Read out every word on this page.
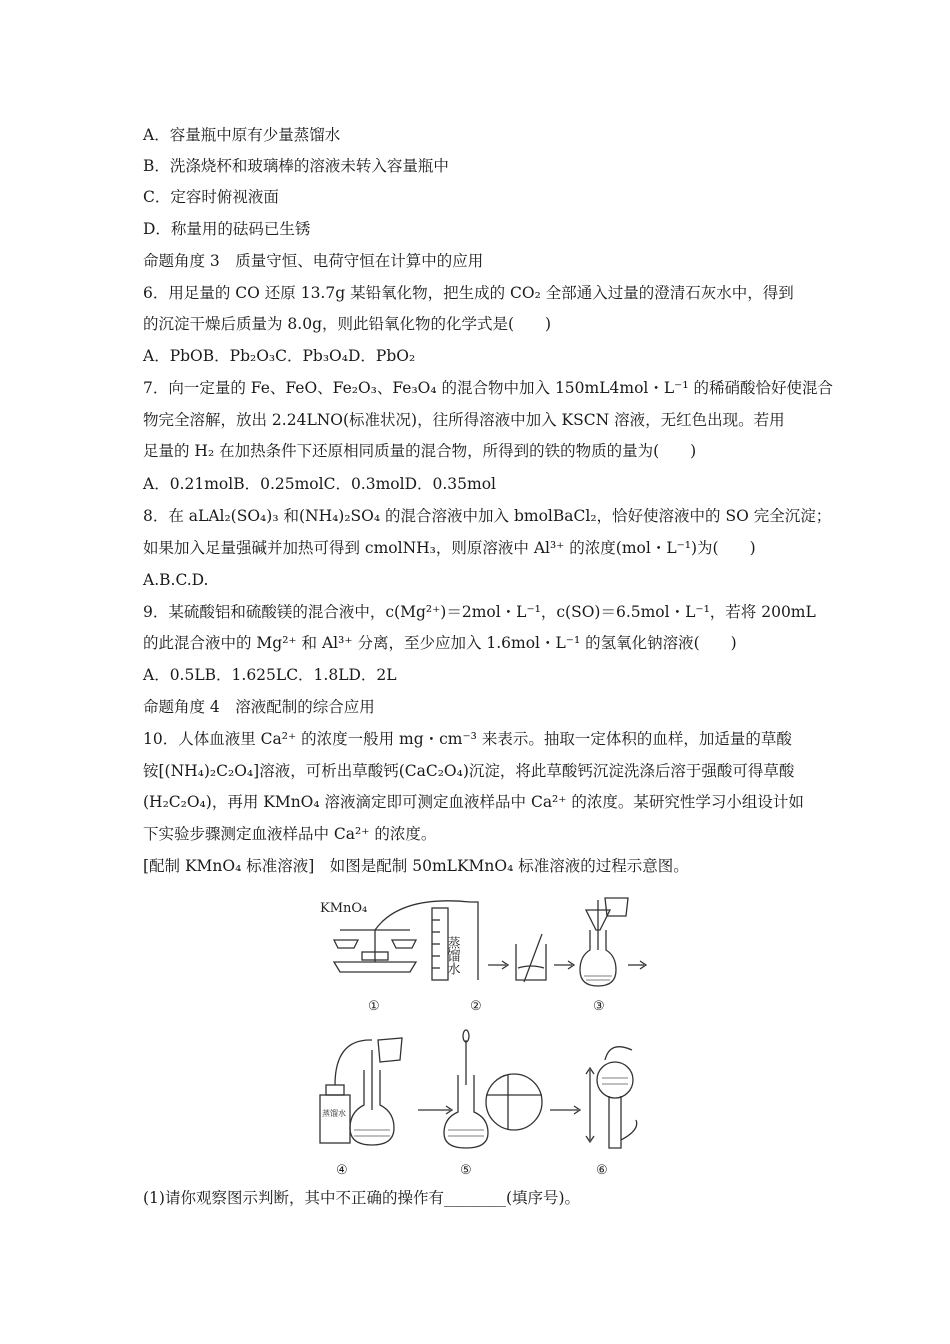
A．容量瓶中原有少量蒸馏水
B．洗涤烧杯和玻璃棒的溶液未转入容量瓶中
C．定容时俯视液面
D．称量用的砝码已生锈
命题角度 3　质量守恒、电荷守恒在计算中的应用
6．用足量的 CO 还原 13.7g 某铅氧化物，把生成的 CO₂ 全部通入过量的澄清石灰水中，得到
的沉淀干燥后质量为 8.0g，则此铅氧化物的化学式是(　　)
A．PbOB．Pb₂O₃C．Pb₃O₄D．PbO₂
7．向一定量的 Fe、FeO、Fe₂O₃、Fe₃O₄ 的混合物中加入 150mL4mol・L⁻¹ 的稀硝酸恰好使混合
物完全溶解，放出 2.24LNO(标准状况)，往所得溶液中加入 KSCN 溶液，无红色出现。若用
足量的 H₂ 在加热条件下还原相同质量的混合物，所得到的铁的物质的量为(　　)
A．0.21molB．0.25molC．0.3molD．0.35mol
8．在 aLAl₂(SO₄)₃ 和(NH₄)₂SO₄ 的混合溶液中加入 bmolBaCl₂，恰好使溶液中的 SO 完全沉淀；
如果加入足量强碱并加热可得到 cmolNH₃，则原溶液中 Al³⁺ 的浓度(mol・L⁻¹)为(　　)
A.B.C.D.
9．某硫酸铝和硫酸镁的混合液中，c(Mg²⁺)＝2mol・L⁻¹，c(SO)＝6.5mol・L⁻¹，若将 200mL
的此混合液中的 Mg²⁺ 和 Al³⁺ 分离，至少应加入 1.6mol・L⁻¹ 的氢氧化钠溶液(　　)
A．0.5LB．1.625LC．1.8LD．2L
命题角度 4　溶液配制的综合应用
10．人体血液里 Ca²⁺ 的浓度一般用 mg・cm⁻³ 来表示。抽取一定体积的血样，加适量的草酸
铵[(NH₄)₂C₂O₄]溶液，可析出草酸钙(CaC₂O₄)沉淀，将此草酸钙沉淀洗涤后溶于强酸可得草酸
(H₂C₂O₄)，再用 KMnO₄ 溶液滴定即可测定血液样品中 Ca²⁺ 的浓度。某研究性学习小组设计如
下实验步骤测定血液样品中 Ca²⁺ 的浓度。
[配制 KMnO₄ 标准溶液]　如图是配制 50mLKMnO₄ 标准溶液的过程示意图。
KMnO₄
蒸馏水
蒸馏水
①	②	③
④	⑤	⑥
(1)请你观察图示判断，其中不正确的操作有________(填序号)。
